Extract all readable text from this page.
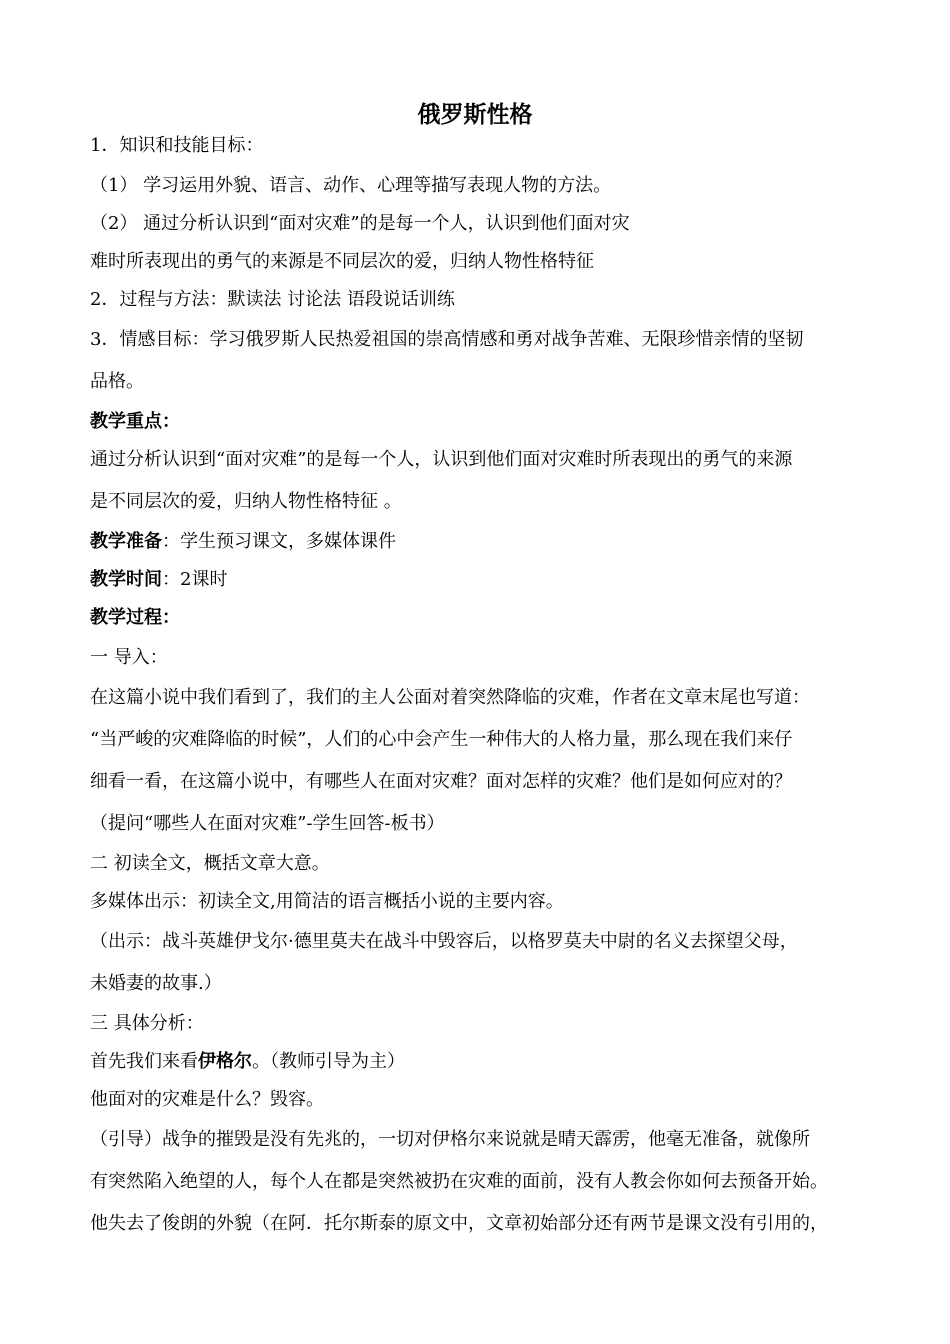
俄罗斯性格
1．知识和技能目标：
（1） 学习运用外貌、语言、动作、心理等描写表现人物的方法。
（2） 通过分析认识到“面对灾难”的是每一个人，认识到他们面对灾
难时所表现出的勇气的来源是不同层次的爱，归纳人物性格特征
2．过程与方法：默读法 讨论法 语段说话训练
3．情感目标：学习俄罗斯人民热爱祖国的崇高情感和勇对战争苦难、无限珍惜亲情的坚韧
品格。
教学重点：
通过分析认识到“面对灾难”的是每一个人，认识到他们面对灾难时所表现出的勇气的来源
是不同层次的爱，归纳人物性格特征 。
教学准备：学生预习课文，多媒体课件
教学时间：2课时
教学过程：
一 导入：
在这篇小说中我们看到了，我们的主人公面对着突然降临的灾难，作者在文章末尾也写道：
“当严峻的灾难降临的时候”，人们的心中会产生一种伟大的人格力量，那么现在我们来仔
细看一看，在这篇小说中，有哪些人在面对灾难？面对怎样的灾难？他们是如何应对的？
（提问“哪些人在面对灾难”-学生回答-板书）
二 初读全文，概括文章大意。
多媒体出示：初读全文,用简洁的语言概括小说的主要内容。
（出示：战斗英雄伊戈尔·德里莫夫在战斗中毁容后，以格罗莫夫中尉的名义去探望父母，
未婚妻的故事.）
三 具体分析：
首先我们来看伊格尔。（教师引导为主）
他面对的灾难是什么？毁容。
（引导）战争的摧毁是没有先兆的，一切对伊格尔来说就是晴天霹雳，他毫无准备，就像所
有突然陷入绝望的人，每个人在都是突然被扔在灾难的面前，没有人教会你如何去预备开始。
他失去了俊朗的外貌（在阿．托尔斯泰的原文中，文章初始部分还有两节是课文没有引用的，
